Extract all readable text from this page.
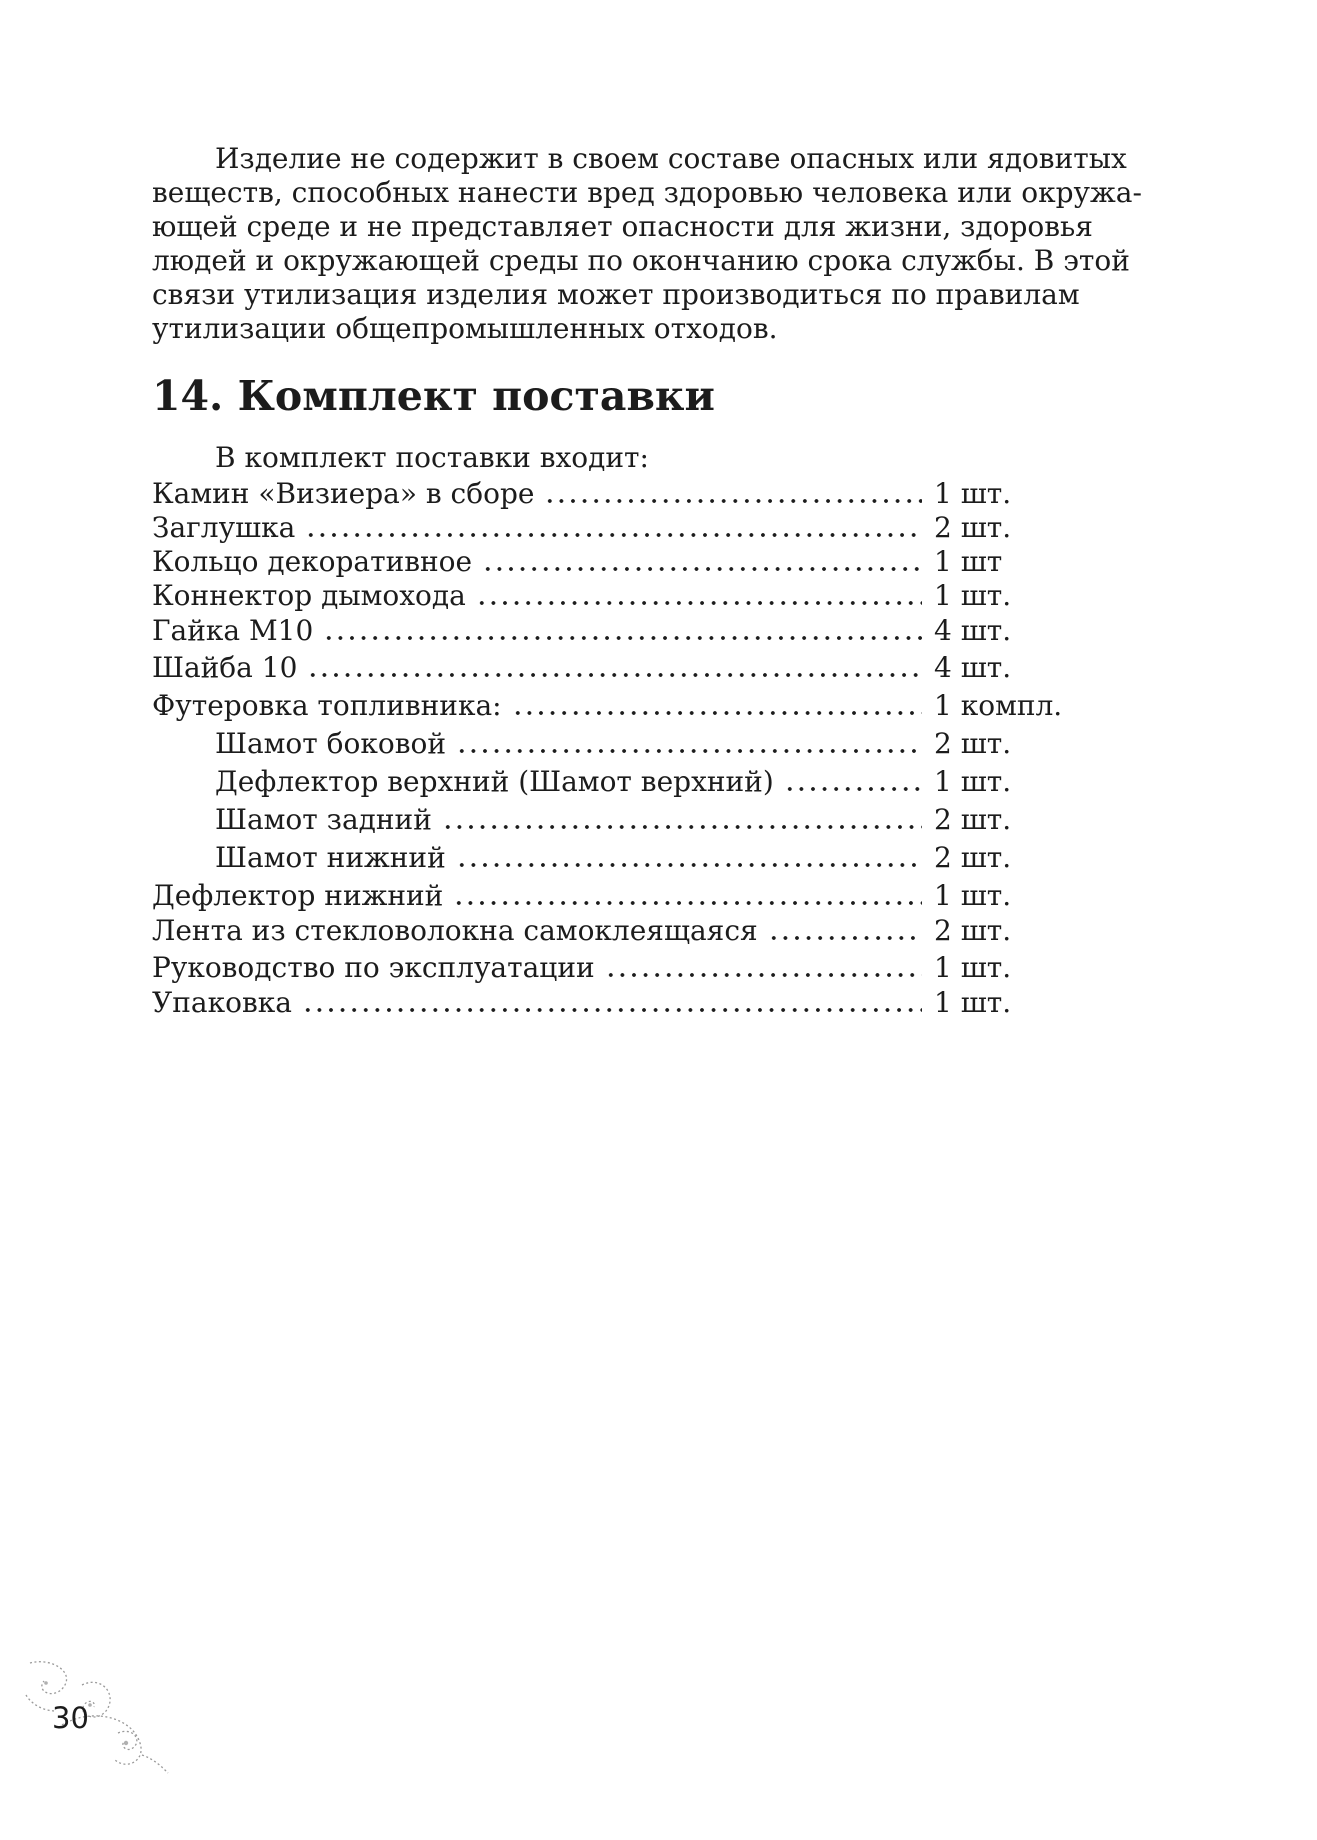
Изделие не содержит в своем составе опасных или ядовитых
веществ, способных нанести вред здоровью человека или окружа-
ющей среде и не представляет опасности для жизни, здоровья
людей и окружающей среды по окончанию срока службы. В этой
связи утилизация изделия может производиться по правилам
утилизации общепромышленных отходов.
14. Комплект поставки
В комплект поставки входит:
Камин «Визиера» в сборе	1 шт.
Заглушка	2 шт.
Кольцо декоративное	1 шт
Коннектор дымохода	1 шт.
Гайка М10	4 шт.
Шайба 10	4 шт.
Футеровка топливника:	1 компл.
Шамот боковой	2 шт.
Дефлектор верхний (Шамот верхний)	1 шт.
Шамот задний	2 шт.
Шамот нижний	2 шт.
Дефлектор нижний	1 шт.
Лента из стекловолокна самоклеящаяся	2 шт.
Руководство по эксплуатации	1 шт.
Упаковка	1 шт.
30
